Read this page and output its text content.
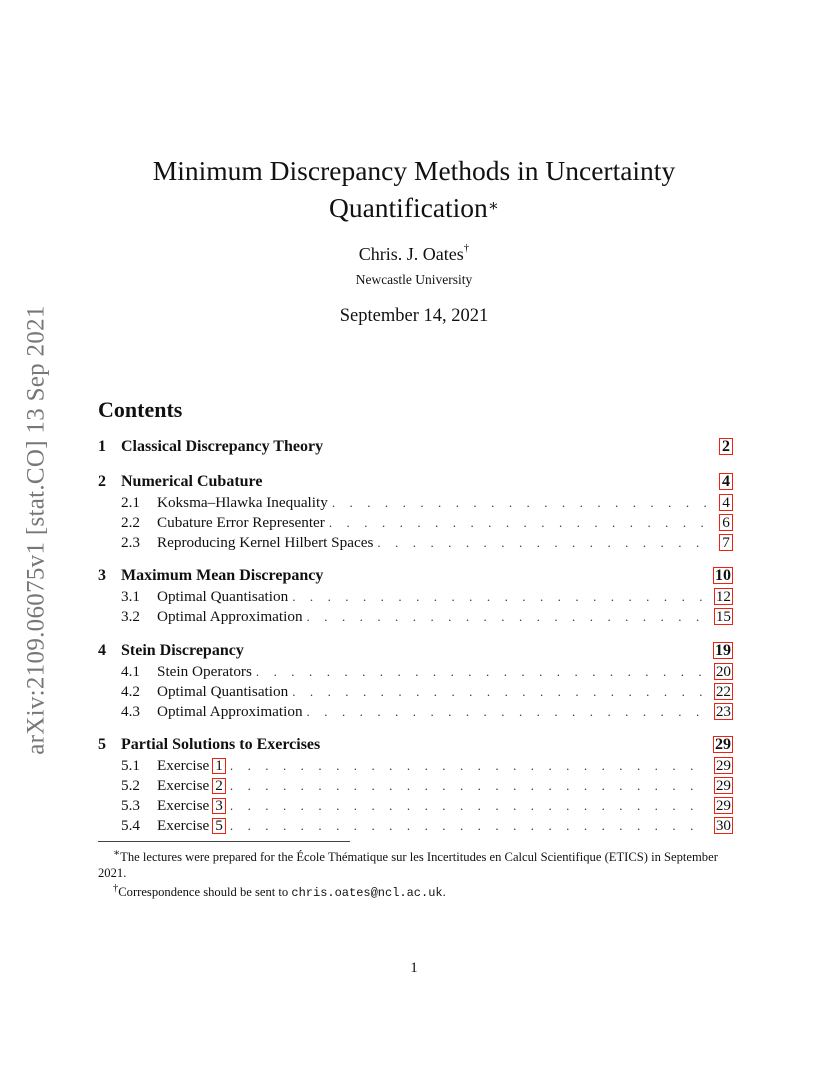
arXiv:2109.06075v1 [stat.CO] 13 Sep 2021
Minimum Discrepancy Methods in Uncertainty
Quantification∗
Chris. J. Oates†
Newcastle University
September 14, 2021
Contents
1 Classical Discrepancy Theory	2
2 Numerical Cubature	4
2.1	Koksma–Hlawka Inequality . . .	4
2.2	Cubature Error Representer . . .	6
2.3	Reproducing Kernel Hilbert Spaces . . .	7
3 Maximum Mean Discrepancy	10
3.1	Optimal Quantisation . . .	12
3.2	Optimal Approximation . . .	15
4 Stein Discrepancy	19
4.1	Stein Operators . . .	20
4.2	Optimal Quantisation . . .	22
4.3	Optimal Approximation . . .	23
5 Partial Solutions to Exercises	29
5.1	Exercise 1 . . .	29
5.2	Exercise 2 . . .	29
5.3	Exercise 3 . . .	29
5.4	Exercise 5 . . .	30

∗The lectures were prepared for the École Thématique sur les Incertitudes en Calcul Scientifique (ETICS) in September 2021.

†Correspondence should be sent to chris.oates@ncl.ac.uk.

1
